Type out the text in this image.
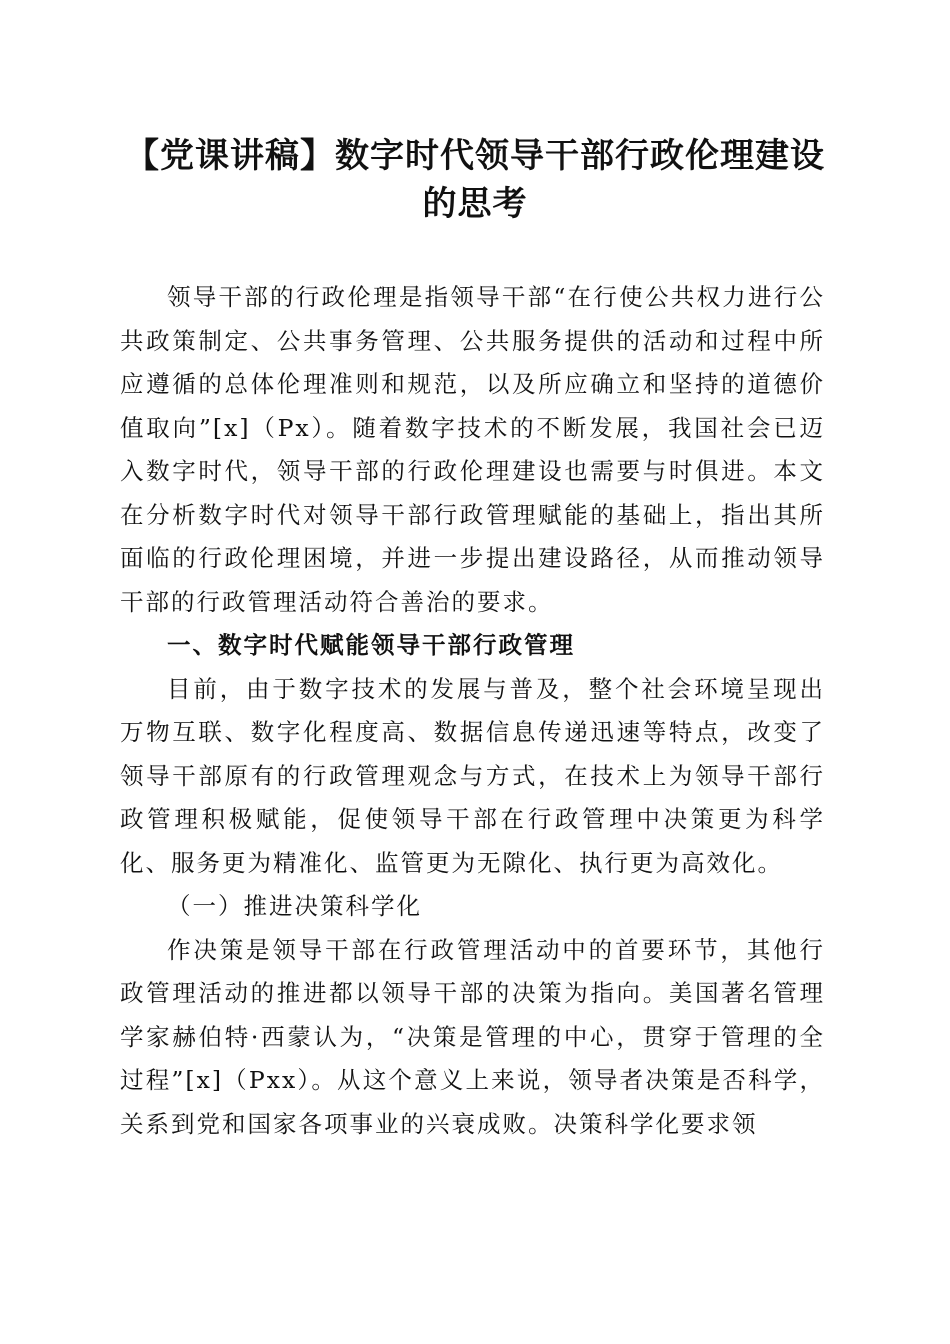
【党课讲稿】数字时代领导干部行政伦理建设
的思考

领导干部的行政伦理是指领导干部“在行使公共权力进行公共政策制定、公共事务管理、公共服务提供的活动和过程中所应遵循的总体伦理准则和规范，以及所应确立和坚持的道德价值取向”[x]（Px）。随着数字技术的不断发展，我国社会已迈入数字时代，领导干部的行政伦理建设也需要与时俱进。本文在分析数字时代对领导干部行政管理赋能的基础上，指出其所面临的行政伦理困境，并进一步提出建设路径，从而推动领导干部的行政管理活动符合善治的要求。

一、数字时代赋能领导干部行政管理

目前，由于数字技术的发展与普及，整个社会环境呈现出万物互联、数字化程度高、数据信息传递迅速等特点，改变了领导干部原有的行政管理观念与方式，在技术上为领导干部行政管理积极赋能，促使领导干部在行政管理中决策更为科学化、服务更为精准化、监管更为无隙化、执行更为高效化。

（一）推进决策科学化

作决策是领导干部在行政管理活动中的首要环节，其他行政管理活动的推进都以领导干部的决策为指向。美国著名管理学家赫伯特·西蒙认为，“决策是管理的中心，贯穿于管理的全过程”[x]（Pxx）。从这个意义上来说，领导者决策是否科学，关系到党和国家各项事业的兴衰成败。决策科学化要求领
